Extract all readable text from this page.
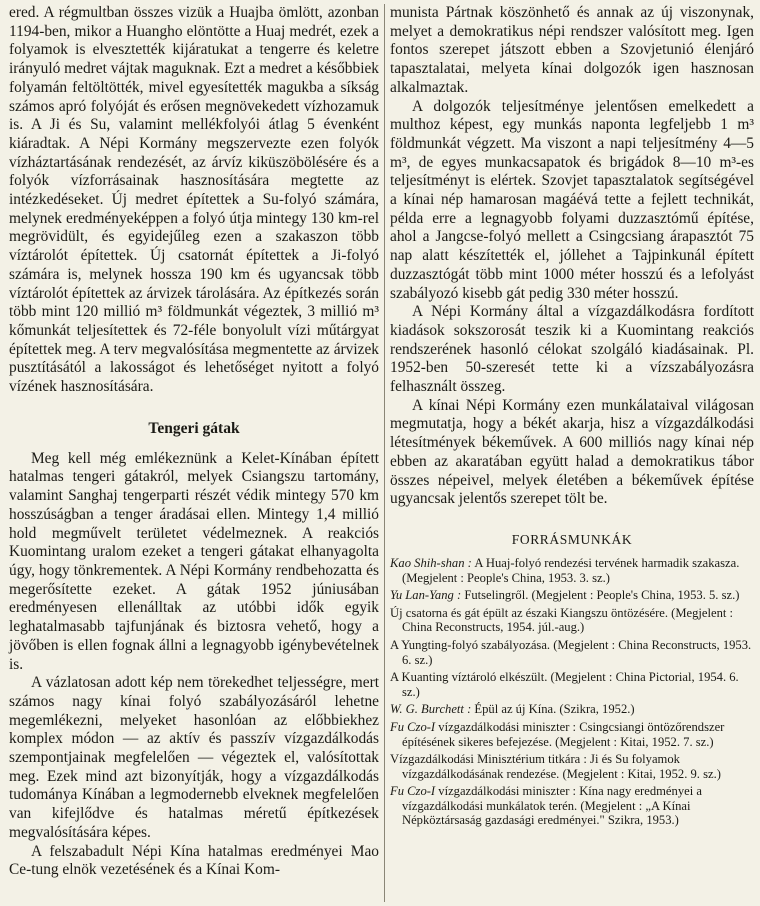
ered. A régmultban összes vizük a Huajba ömlött, azonban 1194-ben, mikor a Huangho elöntötte a Huaj medrét, ezek a folyamok is elvesztették kijáratukat a tengerre és keletre irányuló medret vájtak maguknak. Ezt a medret a későbbiek folyamán feltöltötték, mivel egyesítették magukba a síkság számos apró folyóját és erősen megnövekedett vízhozamuk is. A Ji és Su, valamint mellékfolyói átlag 5 évenként kiáradtak. A Népi Kormány megszervezte ezen folyók vízháztartásának rendezését, az árvíz kiküszöbölésére és a folyók vízforrásainak hasznosítására megtette az intézkedéseket. Új medret építettek a Su-folyó számára, melynek eredményeképpen a folyó útja mintegy 130 km-rel megrövidült, és egyidejűleg ezen a szakaszon több víztárolót építettek. Új csatornát építettek a Ji-folyó számára is, melynek hossza 190 km és ugyancsak több víztárolót építettek az árvizek tárolására. Az építkezés során több mint 120 millió m³ földmunkát végeztek, 3 millió m³ kőmunkát teljesítettek és 72-féle bonyolult vízi műtárgyat építettek meg. A terv megvalósítása megmentette az árvizek pusztításától a lakosságot és lehetőséget nyitott a folyó vízének hasznosítására.

Tengeri gátak

Meg kell még emlékeznünk a Kelet-Kínában épített hatalmas tengeri gátakról, melyek Csiangszu tartomány, valamint Sanghaj tengerparti részét védik mintegy 570 km hosszúságban a tenger áradásai ellen. Mintegy 1,4 millió hold megművelt területet védelmeznek. A reakciós Kuomintang uralom ezeket a tengeri gátakat elhanyagolta úgy, hogy tönkrementek. A Népi Kormány rendbehozatta és megerősítette ezeket. A gátak 1952 júniusában eredményesen ellenálltak az utóbbi idők egyik leghatalmasabb tajfunjának és biztosra vehető, hogy a jövőben is ellen fognak állni a legnagyobb igénybevételnek is.

A vázlatosan adott kép nem törekedhet teljességre, mert számos nagy kínai folyó szabályozásáról lehetne megemlékezni, melyeket hasonlóan az előbbiekhez komplex módon — az aktív és passzív vízgazdálkodás szempontjainak megfelelően — végeztek el, valósítottak meg. Ezek mind azt bizonyítják, hogy a vízgazdálkodás tudománya Kínában a legmodernebb elveknek megfelelően van kifejlődve és hatalmas méretű építkezések megvalósítására képes.

A felszabadult Népi Kína hatalmas eredményei Mao Ce-tung elnök vezetésének és a Kínai Kom-

munista Pártnak köszönhető és annak az új viszonynak, melyet a demokratikus népi rendszer valósított meg. Igen fontos szerepet játszott ebben a Szovjetunió élenjáró tapasztalatai, melyeta kínai dolgozók igen hasznosan alkalmaztak.

A dolgozók teljesítménye jelentősen emelkedett a multhoz képest, egy munkás naponta legfeljebb 1 m³ földmunkát végzett. Ma viszont a napi teljesítmény 4—5 m³, de egyes munkacsapatok és brigádok 8—10 m³-es teljesítményt is elértek. Szovjet tapasztalatok segítségével a kínai nép hamarosan magáévá tette a fejlett technikát, példa erre a legnagyobb folyami duzzasztómű építése, ahol a Jangcse-folyó mellett a Csingcsiang árapasztót 75 nap alatt készítették el, jóllehet a Tajpinkunál épített duzzasztógát több mint 1000 méter hosszú és a lefolyást szabályozó kisebb gát pedig 330 méter hosszú.

A Népi Kormány által a vízgazdálkodásra fordított kiadások sokszorosát teszik ki a Kuomintang reakciós rendszerének hasonló célokat szolgáló kiadásainak. Pl. 1952-ben 50-szeresét tette ki a vízszabályozásra felhasznált összeg.

A kínai Népi Kormány ezen munkálataival világosan megmutatja, hogy a békét akarja, hisz a vízgazdálkodási létesítmények békeművek. A 600 milliós nagy kínai nép ebben az akaratában együtt halad a demokratikus tábor összes népeivel, melyek életében a békeművek építése ugyancsak jelentős szerepet tölt be.

FORRÁSMUNKÁK
Kao Shih-shan : A Huaj-folyó rendezési tervének harmadik szakasza. (Megjelent : People's China, 1953. 3. sz.)
Yu Lan-Yang : Futselingről. (Megjelent : People's China, 1953. 5. sz.)
Új csatorna és gát épült az északi Kiangszu öntözésére. (Megjelent : China Reconstructs, 1954. júl.-aug.)
A Yungting-folyó szabályozása. (Megjelent : China Reconstructs, 1953. 6. sz.)
A Kuanting víztároló elkészült. (Megjelent : China Pictorial, 1954. 6. sz.)
W. G. Burchett : Épül az új Kína. (Szikra, 1952.)
Fu Czo-I vízgazdálkodási miniszter : Csingcsiangi öntözőrendszer építésének sikeres befejezése. (Megjelent : Kitai, 1952. 7. sz.)
Vízgazdálkodási Minisztérium titkára : Ji és Su folyamok vízgazdálkodásának rendezése. (Megjelent : Kitai, 1952. 9. sz.)
Fu Czo-I vízgazdálkodási miniszter : Kína nagy eredményei a vízgazdálkodási munkálatok terén. (Megjelent : „A Kínai Népköztársaság gazdasági eredményei." Szikra, 1953.)
